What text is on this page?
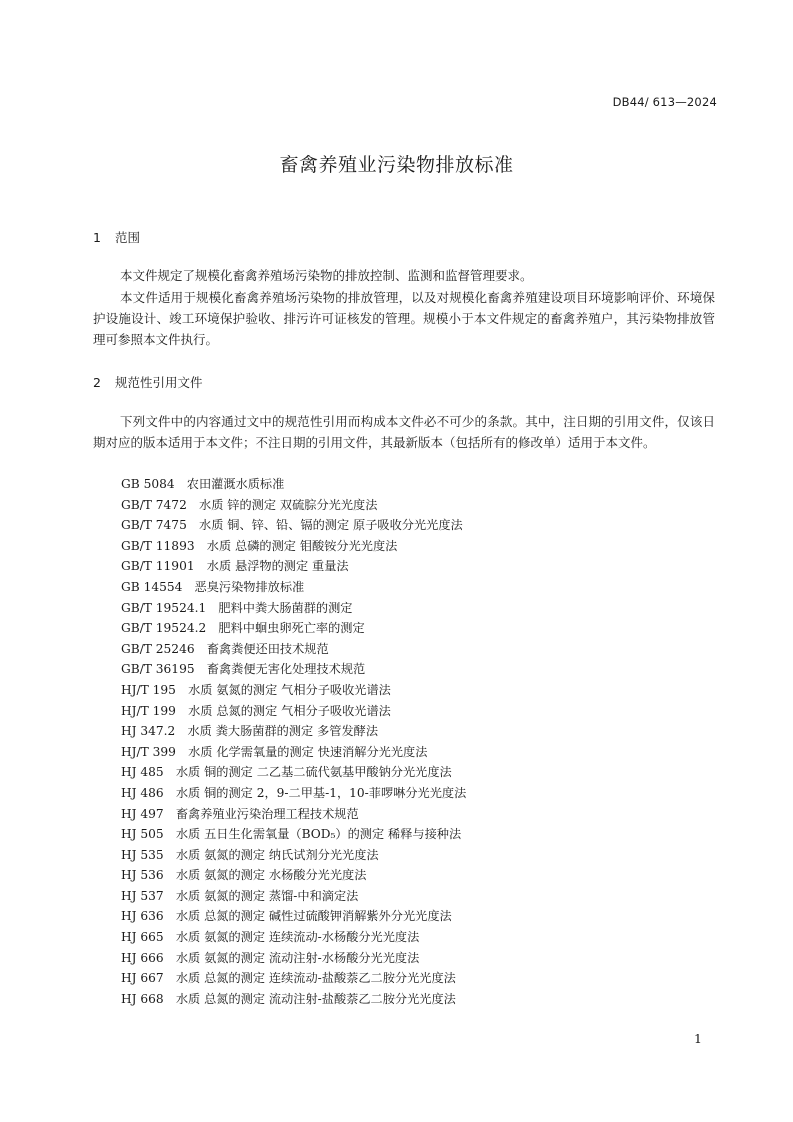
DB44/ 613—2024
畜禽养殖业污染物排放标准
1 范围

本文件规定了规模化畜禽养殖场污染物的排放控制、监测和监督管理要求。

本文件适用于规模化畜禽养殖场污染物的排放管理，以及对规模化畜禽养殖建设项目环境影响评价、环境保护设施设计、竣工环境保护验收、排污许可证核发的管理。规模小于本文件规定的畜禽养殖户，其污染物排放管理可参照本文件执行。

2 规范性引用文件

下列文件中的内容通过文中的规范性引用而构成本文件必不可少的条款。其中，注日期的引用文件，仅该日期对应的版本适用于本文件；不注日期的引用文件，其最新版本（包括所有的修改单）适用于本文件。

GB 5084　农田灌溉水质标准
GB/T 7472　水质 锌的测定 双硫腙分光光度法
GB/T 7475　水质 铜、锌、铅、镉的测定 原子吸收分光光度法
GB/T 11893　水质 总磷的测定 钼酸铵分光光度法
GB/T 11901　水质 悬浮物的测定 重量法
GB 14554　恶臭污染物排放标准
GB/T 19524.1　肥料中粪大肠菌群的测定
GB/T 19524.2　肥料中蛔虫卵死亡率的测定
GB/T 25246　畜禽粪便还田技术规范
GB/T 36195　畜禽粪便无害化处理技术规范
HJ/T 195　水质 氨氮的测定 气相分子吸收光谱法
HJ/T 199　水质 总氮的测定 气相分子吸收光谱法
HJ 347.2　水质 粪大肠菌群的测定 多管发酵法
HJ/T 399　水质 化学需氧量的测定 快速消解分光光度法
HJ 485　水质 铜的测定 二乙基二硫代氨基甲酸钠分光光度法
HJ 486　水质 铜的测定 2，9-二甲基-1，10-菲啰啉分光光度法
HJ 497　畜禽养殖业污染治理工程技术规范
HJ 505　水质 五日生化需氧量（BOD₅）的测定 稀释与接种法
HJ 535　水质 氨氮的测定 纳氏试剂分光光度法
HJ 536　水质 氨氮的测定 水杨酸分光光度法
HJ 537　水质 氨氮的测定 蒸馏-中和滴定法
HJ 636　水质 总氮的测定 碱性过硫酸钾消解紫外分光光度法
HJ 665　水质 氨氮的测定 连续流动-水杨酸分光光度法
HJ 666　水质 氨氮的测定 流动注射-水杨酸分光光度法
HJ 667　水质 总氮的测定 连续流动-盐酸萘乙二胺分光光度法
HJ 668　水质 总氮的测定 流动注射-盐酸萘乙二胺分光光度法
1
